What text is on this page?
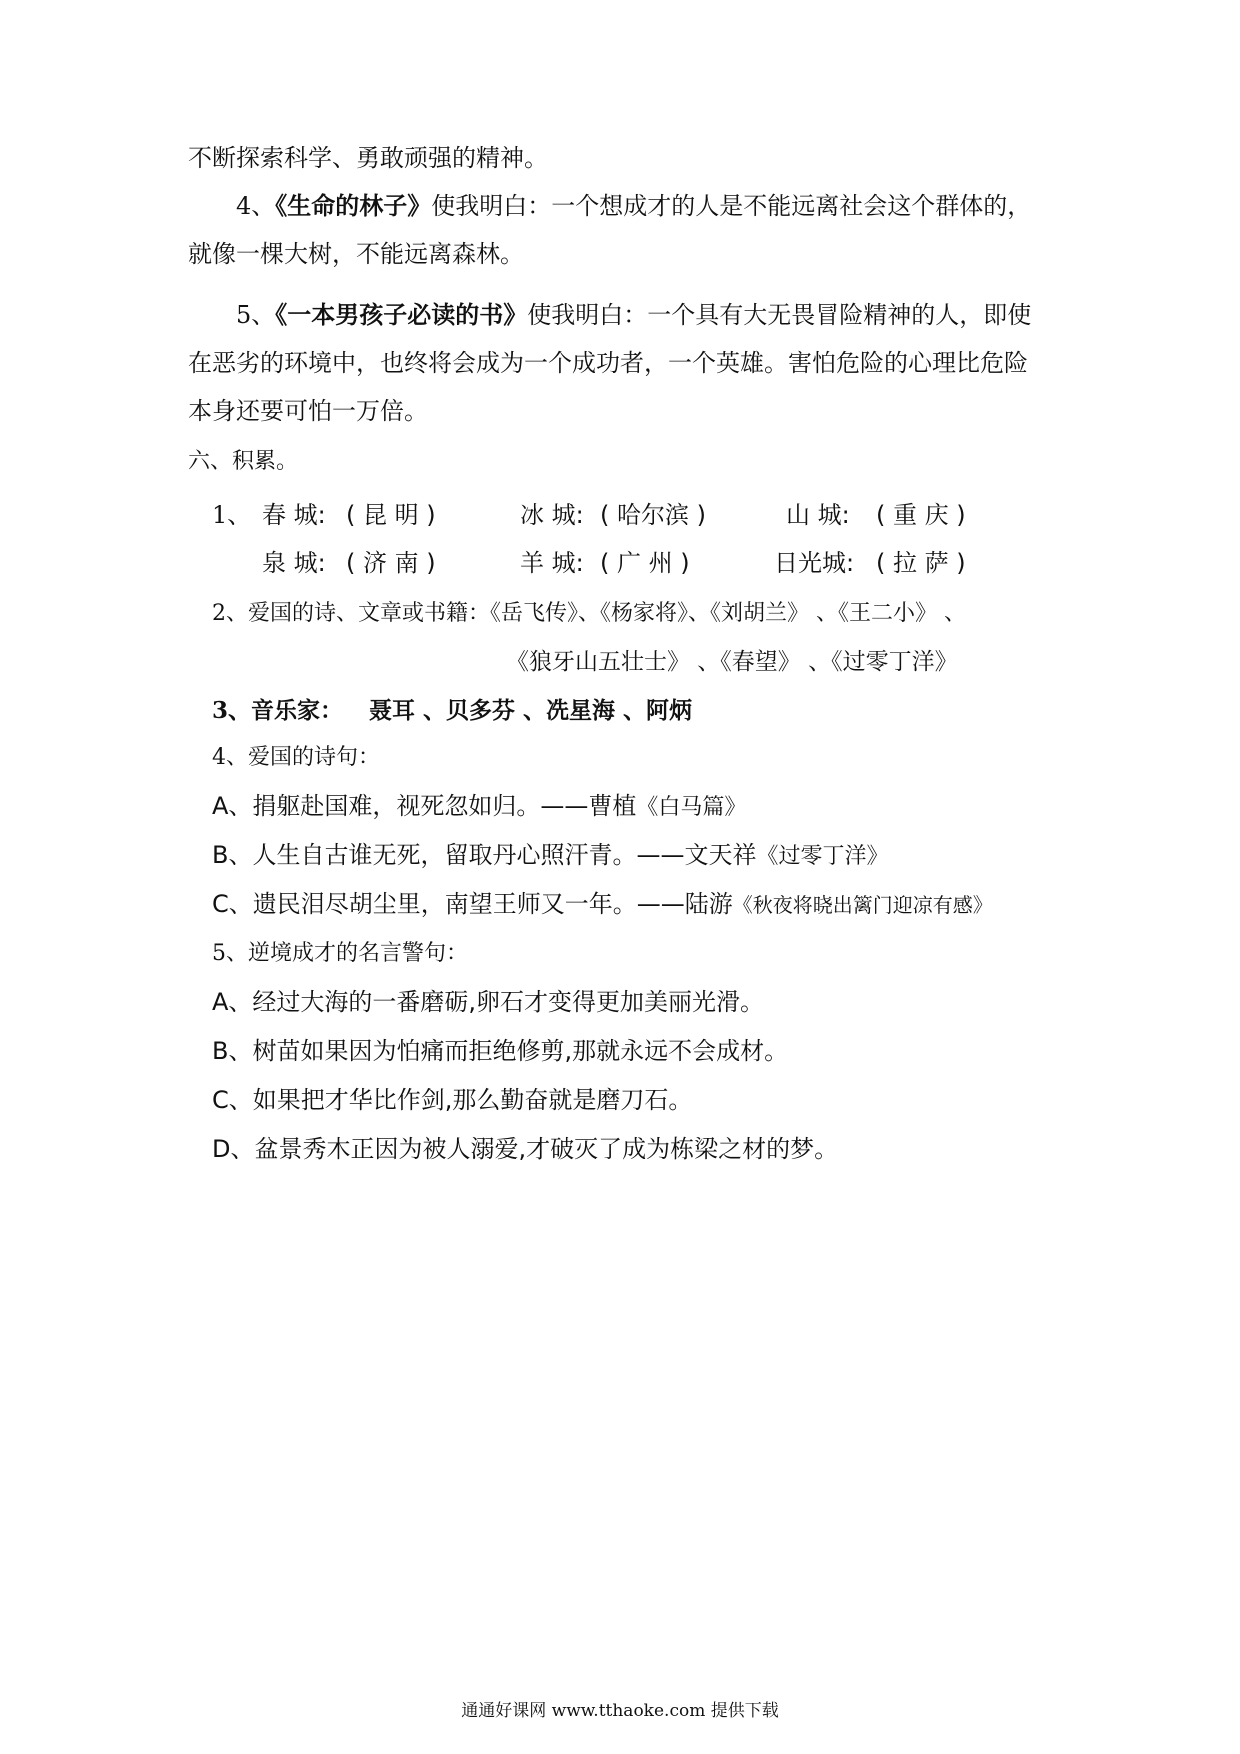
不断探索科学、勇敢顽强的精神。
4、《生命的林子》使我明白：一个想成才的人是不能远离社会这个群体的，
就像一棵大树，不能远离森林。
5、《一本男孩子必读的书》使我明白：一个具有大无畏冒险精神的人，即使
在恶劣的环境中，也终将会成为一个成功者，一个英雄。害怕危险的心理比危险
本身还要可怕一万倍。
六、积累。
1、 春 城: ( 昆 明 )	冰 城: ( 哈尔滨 )	山 城: ( 重 庆 )
泉 城: ( 济 南 )	羊 城: ( 广 州 )	日光城: ( 拉 萨 )
2、爱国的诗、文章或书籍：《岳飞传》、《杨家将》、《刘胡兰》 、《王二小》 、
《狼牙山五壮士》 、《春望》 、《过零丁洋》
3、音乐家： 聂耳 、贝多芬 、冼星海 、阿炳
4、爱国的诗句：
A、捐躯赴国难，视死忽如归。——曹植《白马篇》
B、人生自古谁无死，留取丹心照汗青。——文天祥《过零丁洋》
C、遗民泪尽胡尘里，南望王师又一年。——陆游《秋夜将晓出篱门迎凉有感》
5、逆境成才的名言警句：
A、经过大海的一番磨砺,卵石才变得更加美丽光滑。
B、树苗如果因为怕痛而拒绝修剪,那就永远不会成材。
C、如果把才华比作剑,那么勤奋就是磨刀石。
D、盆景秀木正因为被人溺爱,才破灭了成为栋梁之材的梦。
通通好课网 www.tthaoke.com 提供下载
